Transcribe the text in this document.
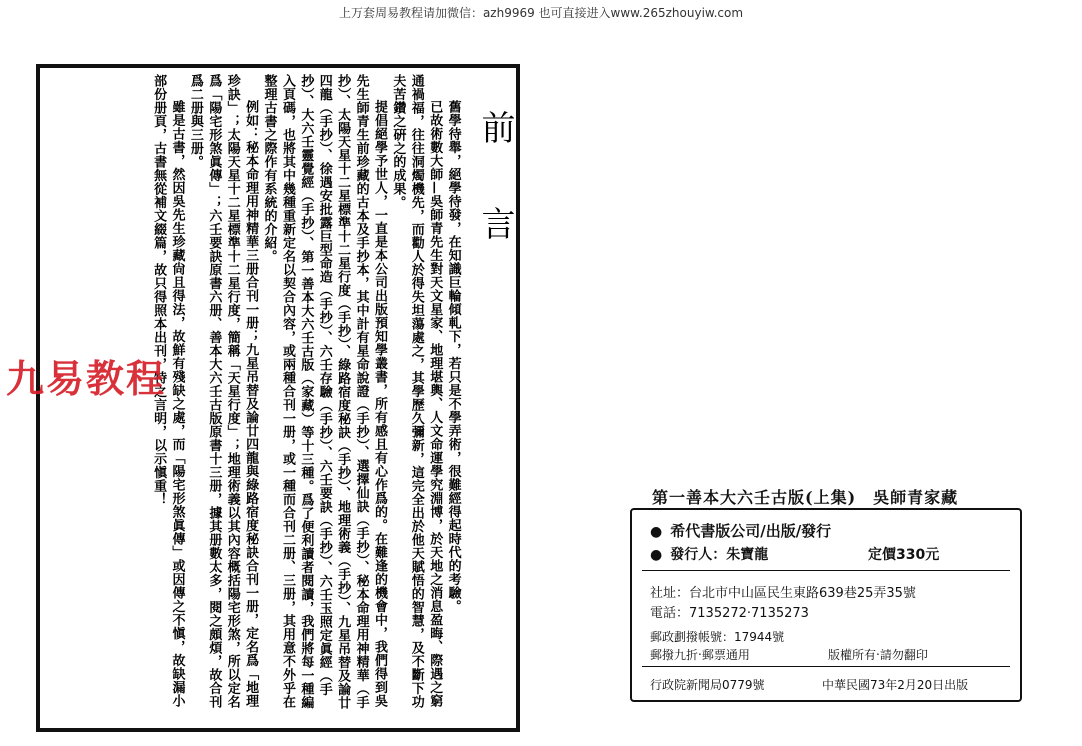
上万套周易教程请加微信：azh9969 也可直接进入www.265zhouyiw.com
前　言

舊學待舉，絕學待發，在知識巨輪傾軋下，若只是不學弄術，很難經得起時代的考驗。

已故術數大師—吳師青先生對天文星家、地理堪輿、人文命運學究淵博，於天地之消息盈晦、際遇之窮通禍福，往往洞燭機先，而勸人於得失坦蕩處之，其學歷久彌新，這完全出於他天賦悟的智慧，及不斷下功夫苦鑽之硏之的成果。

提倡絕學予世人，一直是本公司出版預知學叢書，所有感且有心作爲的。在難逢的機會中，我們得到吳先生師青生前珍藏的古本及手抄本，其中計有星命說證（手抄）、選擇仙訣（手抄）、秘本命理用神精華（手抄）、太陽天星十二星標準十二星行度（手抄）、綠路宿度秘訣（手抄）、地理術義（手抄）、九星吊替及論廿四龍（手抄）、徐遇安批露巨型命造（手抄）、六壬存驗（手抄）、六壬要訣（手抄）、六壬玉照定眞經（手抄）、大六壬靈覺經（手抄）、第一善本大六壬古版（家藏）等十三種。爲了便利讀者閱讀，我們將每一種編入頁碼，也將其中幾種重新定名以契合內容，或兩種合刊一册，或一種而合刊二册、三册，其用意不外乎在整理古書之際作有系統的介紹。

例如：秘本命理用神精華三册合刊一册；九星吊替及論廿四龍與綠路宿度秘訣合刊一册，定名爲「地理珍訣」；太陽天星十二星標準十二星行度，簡稱「天星行度」；地理術義以其內容概括陽宅形煞，所以定名爲「陽宅形煞眞傳」；六壬要訣原書六册、善本大六壬古版原書十三册，據其册數太多，閱之頗煩，故合刊爲二册與三册。

雖是古書，然因吳先生珍藏尙且得法，故鮮有殘缺之處，而「陽宅形煞眞傳」或因傳之不愼，故缺漏小部份册頁，古書無從補文綴篇，故只得照本出刊，特之言明，以示愼重！

九易教程
第一善本大六壬古版(上集)　吳師青家藏
● 希代書版公司/出版/發行
● 發行人：朱寶龍	定價330元
社址：台北市中山區民生東路639巷25弄35號
電話：7135272‧7135273
郵政劃撥帳號：17944號
郵撥九折‧郵票通用	版權所有‧請勿翻印
行政院新聞局0779號	中華民國73年2月20日出版
